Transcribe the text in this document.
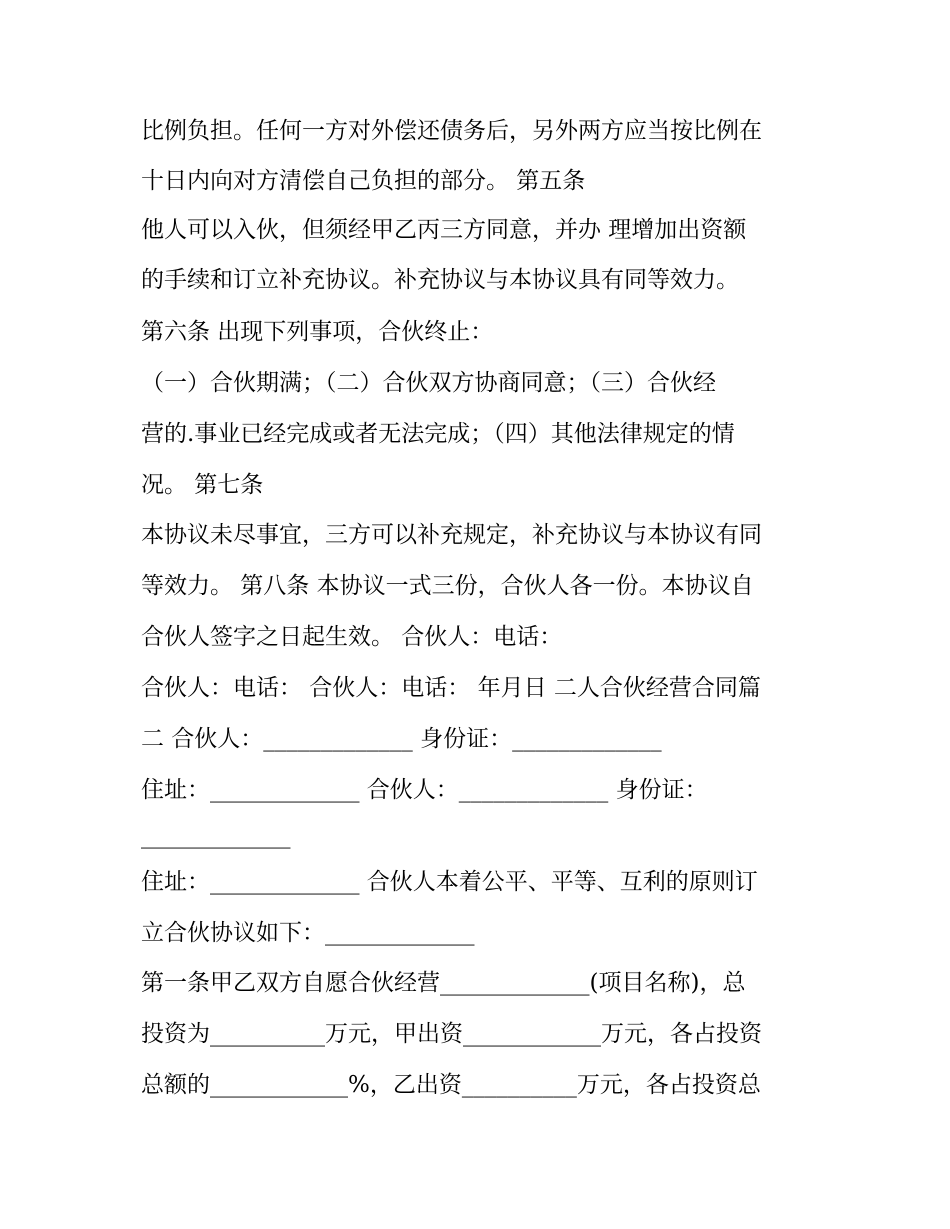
比例负担。任何一方对外偿还债务后，另外两方应当按比例在

十日内向对方清偿自己负担的部分。 第五条

他人可以入伙，但须经甲乙丙三方同意，并办 理增加出资额

的手续和订立补充协议。补充协议与本协议具有同等效力。

第六条 出现下列事项，合伙终止：

（一）合伙期满；（二）合伙双方协商同意；（三）合伙经

营的.事业已经完成或者无法完成；（四）其他法律规定的情

况。 第七条

本协议未尽事宜，三方可以补充规定，补充协议与本协议有同

等效力。 第八条 本协议一式三份，合伙人各一份。本协议自

合伙人签字之日起生效。 合伙人：电话：

合伙人：电话： 合伙人：电话： 年月日 二人合伙经营合同篇

二 合伙人：_____________ 身份证：_____________

住址：_____________ 合伙人：_____________ 身份证：

_____________

住址：_____________ 合伙人本着公平、平等、互利的原则订

立合伙协议如下：_____________

第一条甲乙双方自愿合伙经营_____________(项目名称)，总

投资为__________万元，甲出资____________万元，各占投资

总额的____________%，乙出资__________万元，各占投资总
